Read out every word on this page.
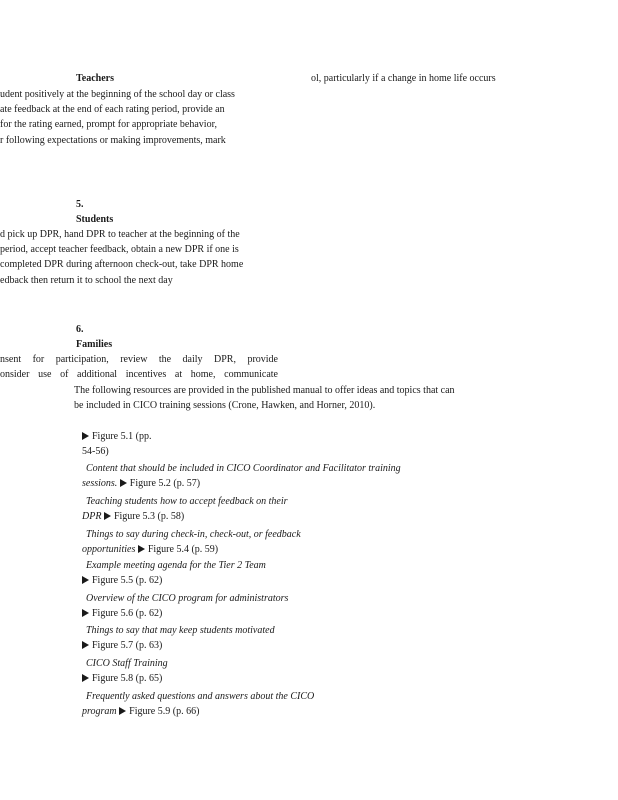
Teachers
udent positively at the beginning of the school day or class
ate feedback at the end of each rating period, provide an
for the rating earned, prompt for appropriate behavior,
r following expectations or making improvements, mark
ol, particularly if a change in home life occurs
5.
Students
d pick up DPR, hand DPR to teacher at the beginning of the
period, accept teacher feedback, obtain a new DPR if one is
completed DPR during afternoon check-out, take DPR home
edback then return it to school the next day
6.
Families
nsent for participation, review the daily DPR, provide
onsider use of additional incentives at home, communicate
The following resources are provided in the published manual to offer ideas and topics that can
be included in CICO training sessions (Crone, Hawken, and Horner, 2010).
Figure 5.1 (pp.
54-56)
Content that should be included in CICO Coordinator and Facilitator training
sessions. Figure 5.2 (p. 57)
Teaching students how to accept feedback on their
DPR Figure 5.3 (p. 58)
Things to say during check-in, check-out, or feedback
opportunities Figure 5.4 (p. 59)
Example meeting agenda for the Tier 2 Team
Figure 5.5 (p. 62)
Overview of the CICO program for administrators
Figure 5.6 (p. 62)
Things to say that may keep students motivated
Figure 5.7 (p. 63)
CICO Staff Training
Figure 5.8 (p. 65)
Frequently asked questions and answers about the CICO
program Figure 5.9 (p. 66)
